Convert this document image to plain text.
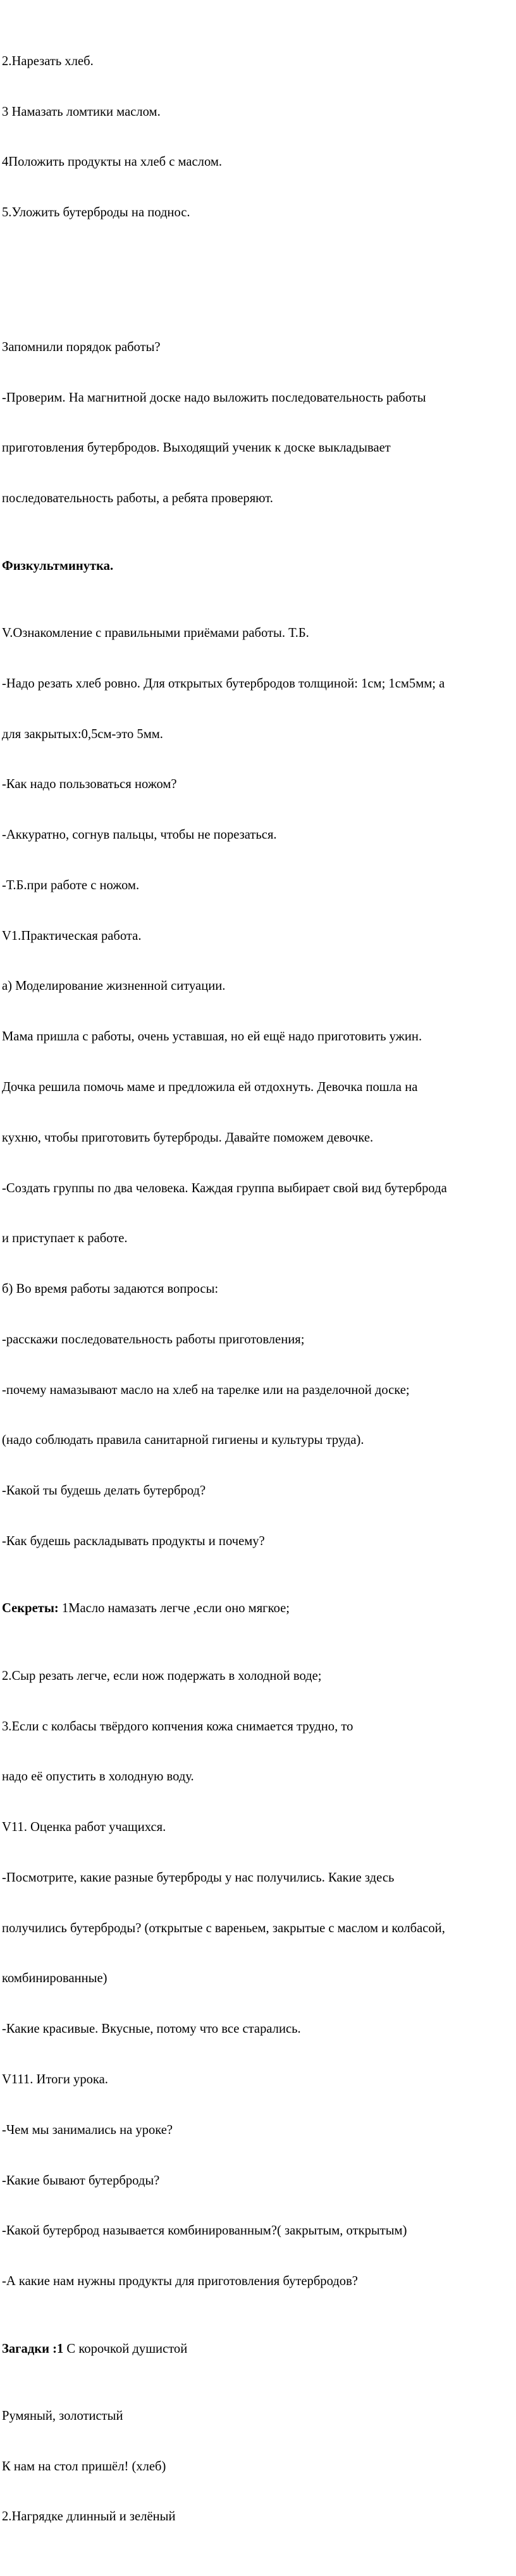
2.Нарезать хлеб.

3 Намазать ломтики маслом.

4Положить продукты на хлеб с маслом.

5.Уложить бутерброды на поднос.

Запомнили порядок работы?

-Проверим. На магнитной доске надо выложить последовательность работы

приготовления бутербродов. Выходящий ученик к доске выкладывает

последовательность работы, а ребята проверяют.

Физкультминутка.

V.Ознакомление с правильными приёмами работы. Т.Б.

-Надо резать хлеб ровно. Для открытых бутербродов толщиной: 1см; 1см5мм; а

для закрытых:0,5см-это 5мм.

-Как надо пользоваться ножом?

-Аккуратно, согнув пальцы, чтобы не порезаться.

-Т.Б.при работе с ножом.

V1.Практическая работа.

а) Моделирование жизненной ситуации.

Мама пришла с работы, очень уставшая, но ей ещё надо приготовить ужин.

Дочка решила помочь маме и предложила ей отдохнуть. Девочка пошла на

кухню, чтобы приготовить бутерброды. Давайте поможем девочке.

-Создать группы по два человека. Каждая группа выбирает свой вид бутерброда

и приступает к работе.

б) Во время работы задаются вопросы:

-расскажи последовательность работы приготовления;

-почему намазывают масло на хлеб на тарелке или на разделочной доске;

(надо соблюдать правила санитарной гигиены и культуры труда).

-Какой ты будешь делать бутерброд?

-Как будешь раскладывать продукты и почему?

Секреты: 1Масло намазать легче ,если оно мягкое;

2.Сыр резать легче, если нож подержать в холодной воде;

3.Если с колбасы твёрдого копчения кожа снимается трудно, то

надо её опустить в холодную воду.

V11. Оценка работ учащихся.

-Посмотрите, какие разные бутерброды у нас получились. Какие здесь

получились бутерброды? (открытые с вареньем, закрытые с маслом и колбасой,

комбинированные)

-Какие красивые. Вкусные, потому что все старались.

V111. Итоги урока.

-Чем мы занимались на уроке?

-Какие бывают бутерброды?

-Какой бутерброд называется комбинированным?( закрытым, открытым)

-А какие нам нужны продукты для приготовления бутербродов?

Загадки :1 С корочкой душистой

Румяный, золотистый

К нам на стол пришёл! (хлеб)

2.Нагрядке длинный и зелёный
